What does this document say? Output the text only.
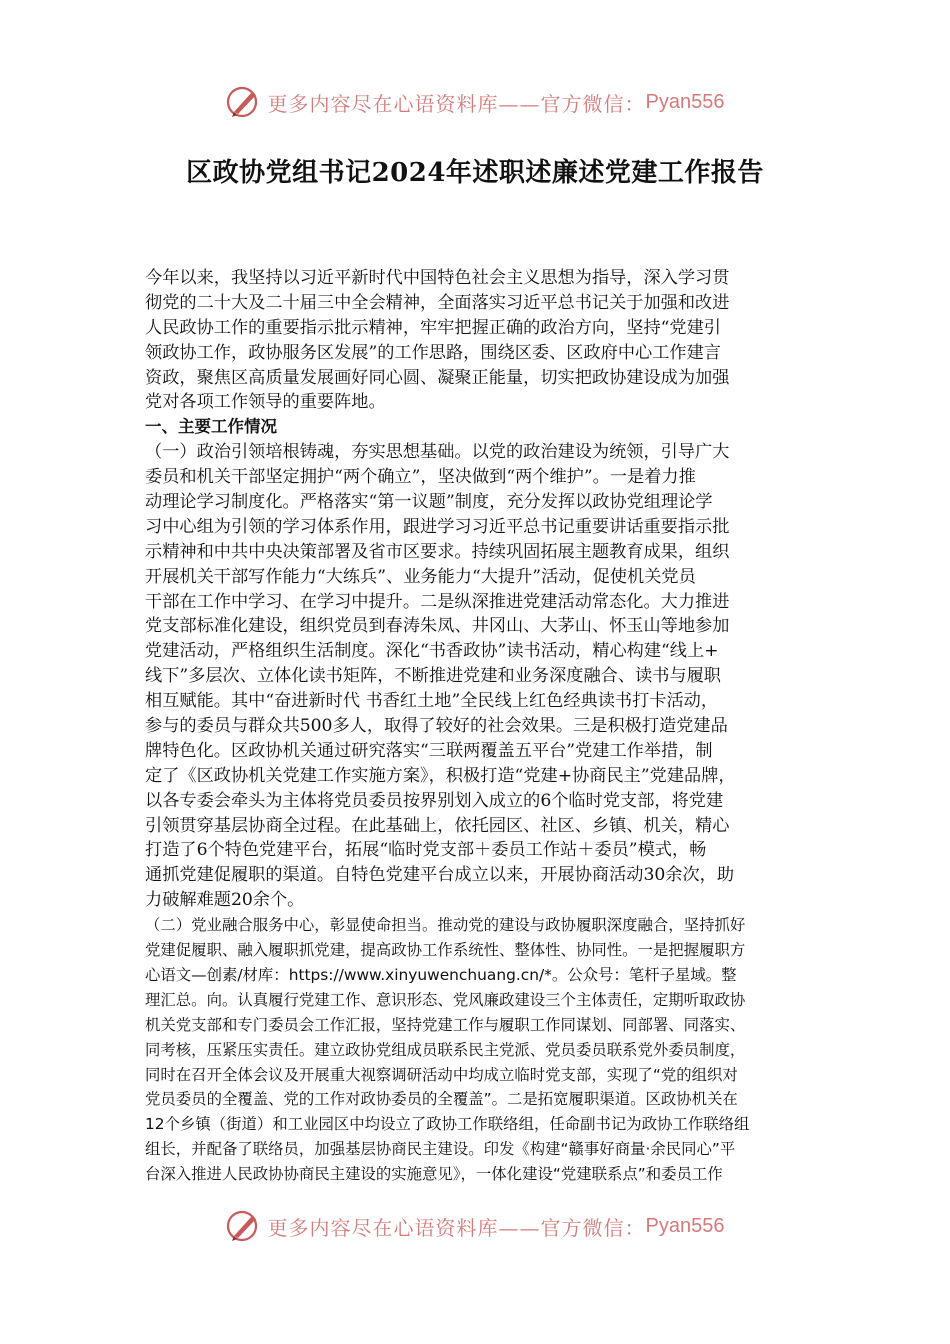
更多内容尽在心语资料库——官方微信： Pyan556
区政协党组书记2024年述职述廉述党建工作报告
今年以来，我坚持以习近平新时代中国特色社会主义思想为指导，深入学习贯
彻党的二十大及二十届三中全会精神，全面落实习近平总书记关于加强和改进
人民政协工作的重要指示批示精神，牢牢把握正确的政治方向，坚持“党建引
领政协工作，政协服务区发展”的工作思路，围绕区委、区政府中心工作建言
资政，聚焦区高质量发展画好同心圆、凝聚正能量，切实把政协建设成为加强
党对各项工作领导的重要阵地。
一、主要工作情况
（一）政治引领培根铸魂，夯实思想基础。以党的政治建设为统领，引导广大
委员和机关干部坚定拥护“两个确立”，坚决做到“两个维护”。一是着力推
动理论学习制度化。严格落实“第一议题”制度，充分发挥以政协党组理论学
习中心组为引领的学习体系作用，跟进学习习近平总书记重要讲话重要指示批
示精神和中共中央决策部署及省市区要求。持续巩固拓展主题教育成果，组织
开展机关干部写作能力“大练兵”、业务能力“大提升”活动，促使机关党员
干部在工作中学习、在学习中提升。二是纵深推进党建活动常态化。大力推进
党支部标准化建设，组织党员到春涛朱凤、井冈山、大茅山、怀玉山等地参加
党建活动，严格组织生活制度。深化“书香政协”读书活动，精心构建“线上+
线下”多层次、立体化读书矩阵，不断推进党建和业务深度融合、读书与履职
相互赋能。其中“奋进新时代 书香红土地”全民线上红色经典读书打卡活动，
参与的委员与群众共500多人，取得了较好的社会效果。三是积极打造党建品
牌特色化。区政协机关通过研究落实“三联两覆盖五平台”党建工作举措，制
定了《区政协机关党建工作实施方案》，积极打造“党建+协商民主”党建品牌，
以各专委会牵头为主体将党员委员按界别划入成立的6个临时党支部，将党建
引领贯穿基层协商全过程。在此基础上，依托园区、社区、乡镇、机关，精心
打造了6个特色党建平台，拓展“临时党支部＋委员工作站＋委员”模式，畅
通抓党建促履职的渠道。自特色党建平台成立以来，开展协商活动30余次，助
力破解难题20余个。
（二）党业融合服务中心，彰显使命担当。推动党的建设与政协履职深度融合，坚持抓好
党建促履职、融入履职抓党建，提高政协工作系统性、整体性、协同性。一是把握履职方
心语文—创素/材库：https://www.xinyuwenchuang.cn/*。公众号：笔杆子星域。整
理汇总。向。认真履行党建工作、意识形态、党风廉政建设三个主体责任，定期听取政协
机关党支部和专门委员会工作汇报，坚持党建工作与履职工作同谋划、同部署、同落实、
同考核，压紧压实责任。建立政协党组成员联系民主党派、党员委员联系党外委员制度，
同时在召开全体会议及开展重大视察调研活动中均成立临时党支部，实现了“党的组织对
党员委员的全覆盖、党的工作对政协委员的全覆盖”。二是拓宽履职渠道。区政协机关在
12个乡镇（街道）和工业园区中均设立了政协工作联络组，任命副书记为政协工作联络组
组长，并配备了联络员，加强基层协商民主建设。印发《构建“赣事好商量·余民同心”平
台深入推进人民政协协商民主建设的实施意见》，一体化建设“党建联系点”和委员工作
更多内容尽在心语资料库——官方微信： Pyan556
